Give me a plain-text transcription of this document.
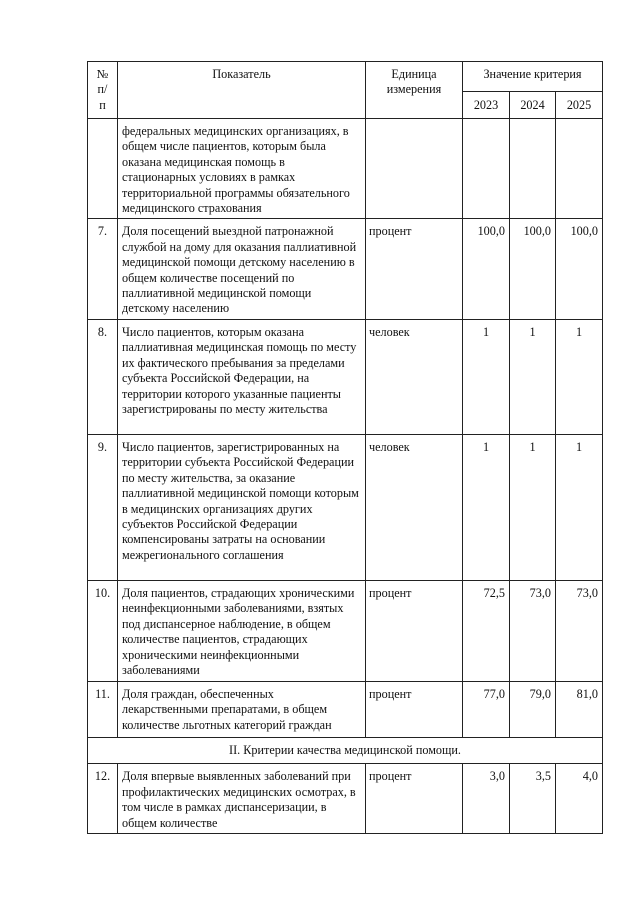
№ п/п	Показатель	Единица измерения	Значение критерия		
			2023	2024	2025
	федеральных медицинских организациях, в общем числе пациентов, которым была оказана медицинская помощь в стационарных условиях в рамках территориальной программы обязательного медицинского страхования				
7.	Доля посещений выездной патронажной службой на дому для оказания паллиативной медицинской помощи детскому населению в общем количестве посещений по паллиативной медицинской помощи детскому населению	процент	100,0	100,0	100,0
8.	Число пациентов, которым оказана паллиативная медицинская помощь по месту их фактического пребывания за пределами субъекта Российской Федерации, на территории которого указанные пациенты зарегистрированы по месту жительства	человек	1	1	1
9.	Число пациентов, зарегистрированных на территории субъекта Российской Федерации по месту жительства, за оказание паллиативной медицинской помощи которым в медицинских организациях других субъектов Российской Федерации компенсированы затраты на основании межрегионального соглашения	человек	1	1	1
10.	Доля пациентов, страдающих хроническими неинфекционными заболеваниями, взятых под диспансерное наблюдение, в общем количестве пациентов, страдающих хроническими неинфекционными заболеваниями	процент	72,5	73,0	73,0
11.	Доля граждан, обеспеченных лекарственными препаратами, в общем количестве льготных категорий граждан	процент	77,0	79,0	81,0
II. Критерии качества медицинской помощи.					
12.	Доля впервые выявленных заболеваний при профилактических медицинских осмотрах, в том числе в рамках диспансеризации, в общем количестве	процент	3,0	3,5	4,0
